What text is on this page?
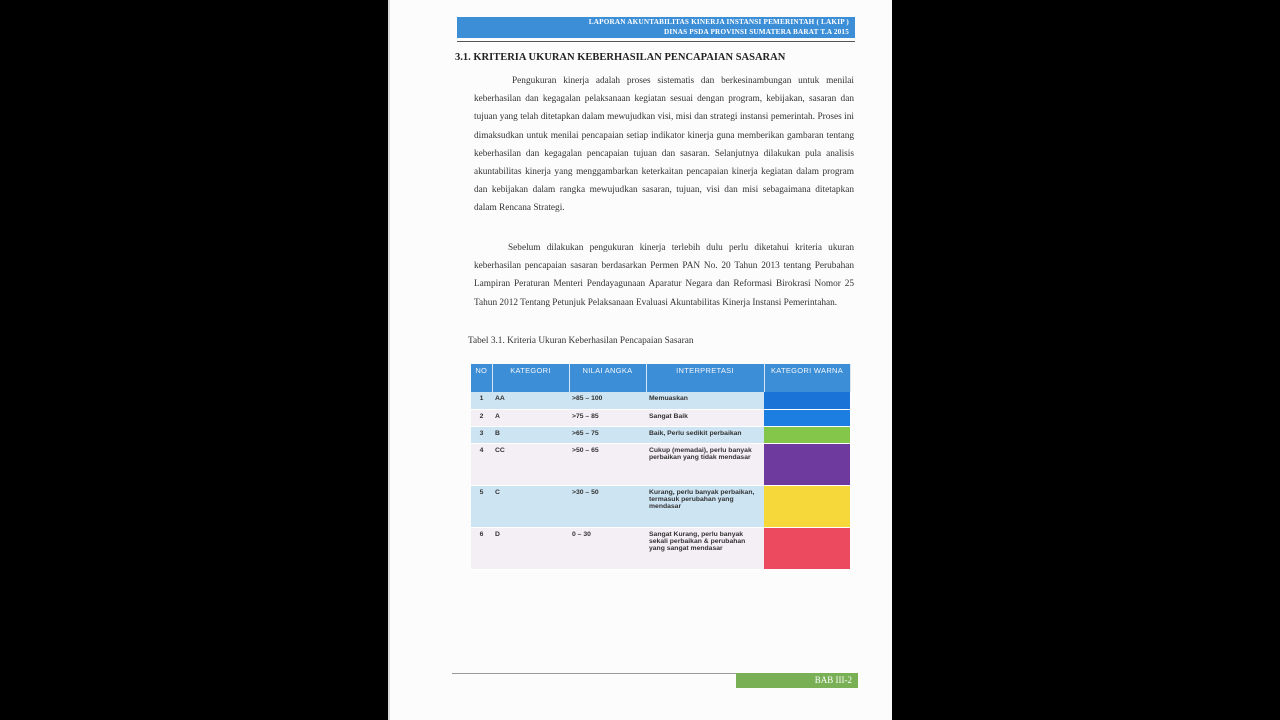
LAPORAN AKUNTABILITAS KINERJA INSTANSI PEMERINTAH ( LAKIP )
DINAS PSDA PROVINSI SUMATERA BARAT T.A 2015
3.1. KRITERIA UKURAN KEBERHASILAN PENCAPAIAN SASARAN

Pengukuran kinerja adalah proses sistematis dan berkesinambungan untuk menilai keberhasilan dan kegagalan pelaksanaan kegiatan sesuai dengan program, kebijakan, sasaran dan tujuan yang telah ditetapkan dalam mewujudkan visi, misi dan strategi instansi pemerintah. Proses ini dimaksudkan untuk menilai pencapaian setiap indikator kinerja guna memberikan gambaran tentang keberhasilan dan kegagalan pencapaian tujuan dan sasaran. Selanjutnya dilakukan pula analisis akuntabilitas kinerja yang menggambarkan keterkaitan pencapaian kinerja kegiatan dalam program dan kebijakan dalam rangka mewujudkan sasaran, tujuan, visi dan misi sebagaimana ditetapkan dalam Rencana Strategi.

Sebelum dilakukan pengukuran kinerja terlebih dulu perlu diketahui kriteria ukuran keberhasilan pencapaian sasaran berdasarkan Permen PAN No. 20 Tahun 2013 tentang Perubahan Lampiran Peraturan Menteri Pendayagunaan Aparatur Negara dan Reformasi Birokrasi Nomor 25 Tahun 2012 Tentang Petunjuk Pelaksanaan Evaluasi Akuntabilitas Kinerja Instansi Pemerintahan.

Tabel 3.1. Kriteria Ukuran Keberhasilan Pencapaian Sasaran
NO	KATEGORI	NILAI ANGKA	INTERPRETASI	KATEGORI WARNA
1	AA	>85 – 100	Memuaskan	
2	A	>75 – 85	Sangat Baik	
3	B	>65 – 75	Baik, Perlu sedikit perbaikan	
4	CC	>50 – 65	Cukup (memadai), perlu banyak perbaikan yang tidak mendasar	
5	C	>30 – 50	Kurang, perlu banyak perbaikan, termasuk perubahan yang mendasar	
6	D	0 – 30	Sangat Kurang, perlu banyak sekali perbaikan & perubahan yang sangat mendasar	
BAB III-2
